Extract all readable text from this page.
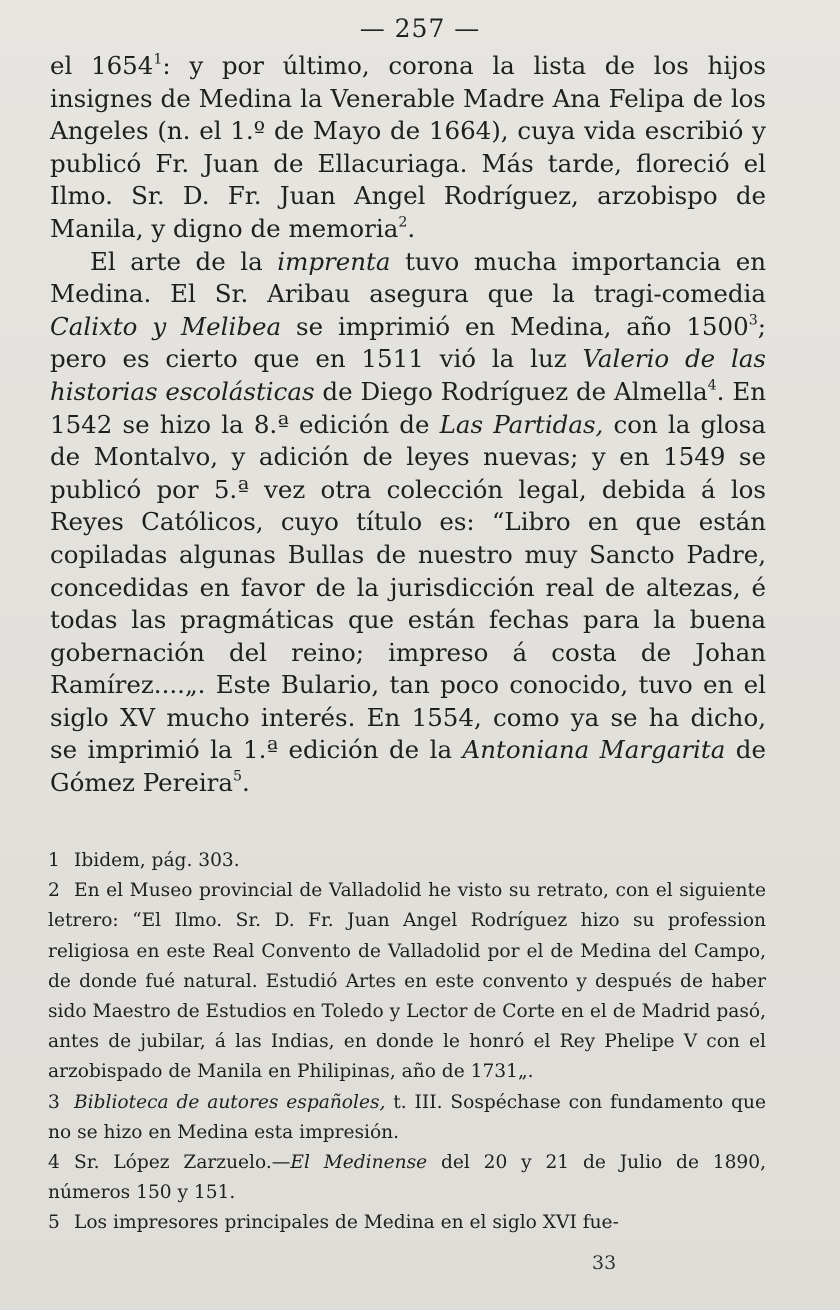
— 257 —

el 1654$^1$: y por último, corona la lista de los hijos insignes de Medina la Venerable Madre Ana Felipa de los Angeles (n. el 1.º de Mayo de 1664), cuya vida escribió y publicó Fr. Juan de Ellacuriaga. Más tarde, floreció el Ilmo. Sr. D. Fr. Juan Angel Rodríguez, arzobispo de Manila, y digno de memoria$^2$.

El arte de la imprenta tuvo mucha importancia en Medina. El Sr. Aribau asegura que la tragi-comedia Calixto y Melibea se imprimió en Medina, año 1500$^3$; pero es cierto que en 1511 vió la luz Valerio de las historias escolásticas de Diego Rodríguez de Almella$^4$. En 1542 se hizo la 8.ª edición de Las Partidas, con la glosa de Montalvo, y adición de leyes nuevas; y en 1549 se publicó por 5.ª vez otra colección legal, debida á los Reyes Católicos, cuyo título es: “Libro en que están copiladas algunas Bullas de nuestro muy Sancto Padre, concedidas en favor de la jurisdicción real de altezas, é todas las pragmáticas que están fechas para la buena gobernación del reino; impreso á costa de Johan Ramírez....„. Este Bulario, tan poco conocido, tuvo en el siglo XV mucho interés. En 1554, como ya se ha dicho, se imprimió la 1.ª edición de la Antoniana Margarita de Gómez Pereira$^5$.

1 Ibidem, pág. 303.

2 En el Museo provincial de Valladolid he visto su retrato, con el siguiente letrero: “El Ilmo. Sr. D. Fr. Juan Angel Rodríguez hizo su profession religiosa en este Real Convento de Valladolid por el de Medina del Campo, de donde fué natural. Estudió Artes en este convento y después de haber sido Maestro de Estudios en Toledo y Lector de Corte en el de Madrid pasó, antes de jubilar, á las Indias, en donde le honró el Rey Phelipe V con el arzobispado de Manila en Philipinas, año de 1731„.

3 Biblioteca de autores españoles, t. III. Sospéchase con fundamento que no se hizo en Medina esta impresión.

4 Sr. López Zarzuelo.—El Medinense del 20 y 21 de Julio de 1890, números 150 y 151.

5 Los impresores principales de Medina en el siglo XVI fue-

33
